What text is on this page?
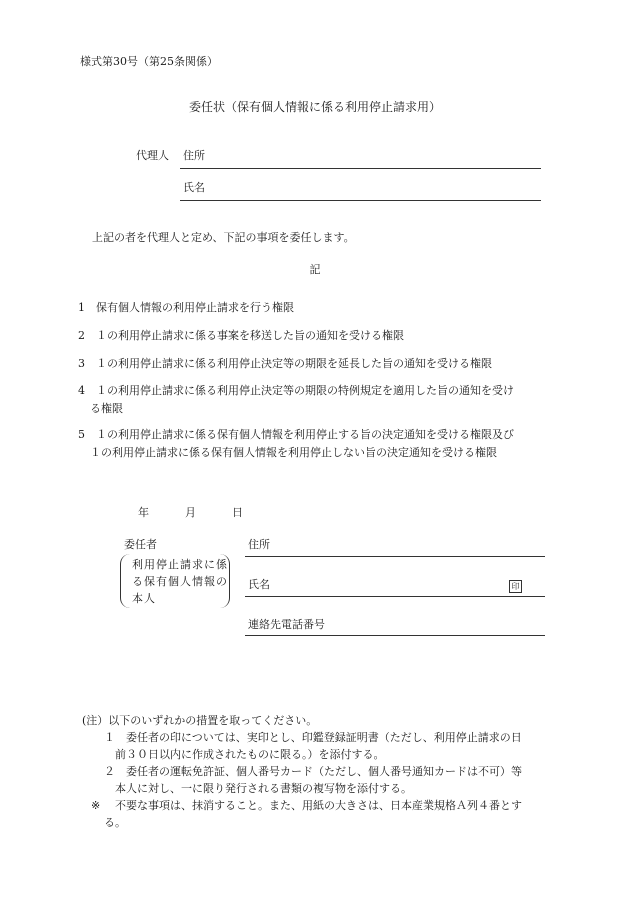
様式第30号（第25条関係）
委任状（保有個人情報に係る利用停止請求用）
代理人 住所
氏名
上記の者を代理人と定め、下記の事項を委任します。
記
1 保有個人情報の利用停止請求を行う権限
2 １の利用停止請求に係る事案を移送した旨の通知を受ける権限
3 １の利用停止請求に係る利用停止決定等の期限を延長した旨の通知を受ける権限
4 １の利用停止請求に係る利用停止決定等の期限の特例規定を適用した旨の通知を受け
る権限
5 １の利用停止請求に係る保有個人情報を利用停止する旨の決定通知を受ける権限及び
１の利用停止請求に係る保有個人情報を利用停止しない旨の決定通知を受ける権限
年	月	日
委任者
利用停止請求に係る保有個人情報の本人
住所
氏名	印
連絡先電話番号
(注）以下のいずれかの措置を取ってください。
１ 委任者の印については、実印とし、印鑑登録証明書（ただし、利用停止請求の日
前３０日以内に作成されたものに限る。）を添付する。
２ 委任者の運転免許証、個人番号カード（ただし、個人番号通知カードは不可）等
本人に対し、一に限り発行される書類の複写物を添付する。
※ 不要な事項は、抹消すること。また、用紙の大きさは、日本産業規格Ａ列４番とす
る。
